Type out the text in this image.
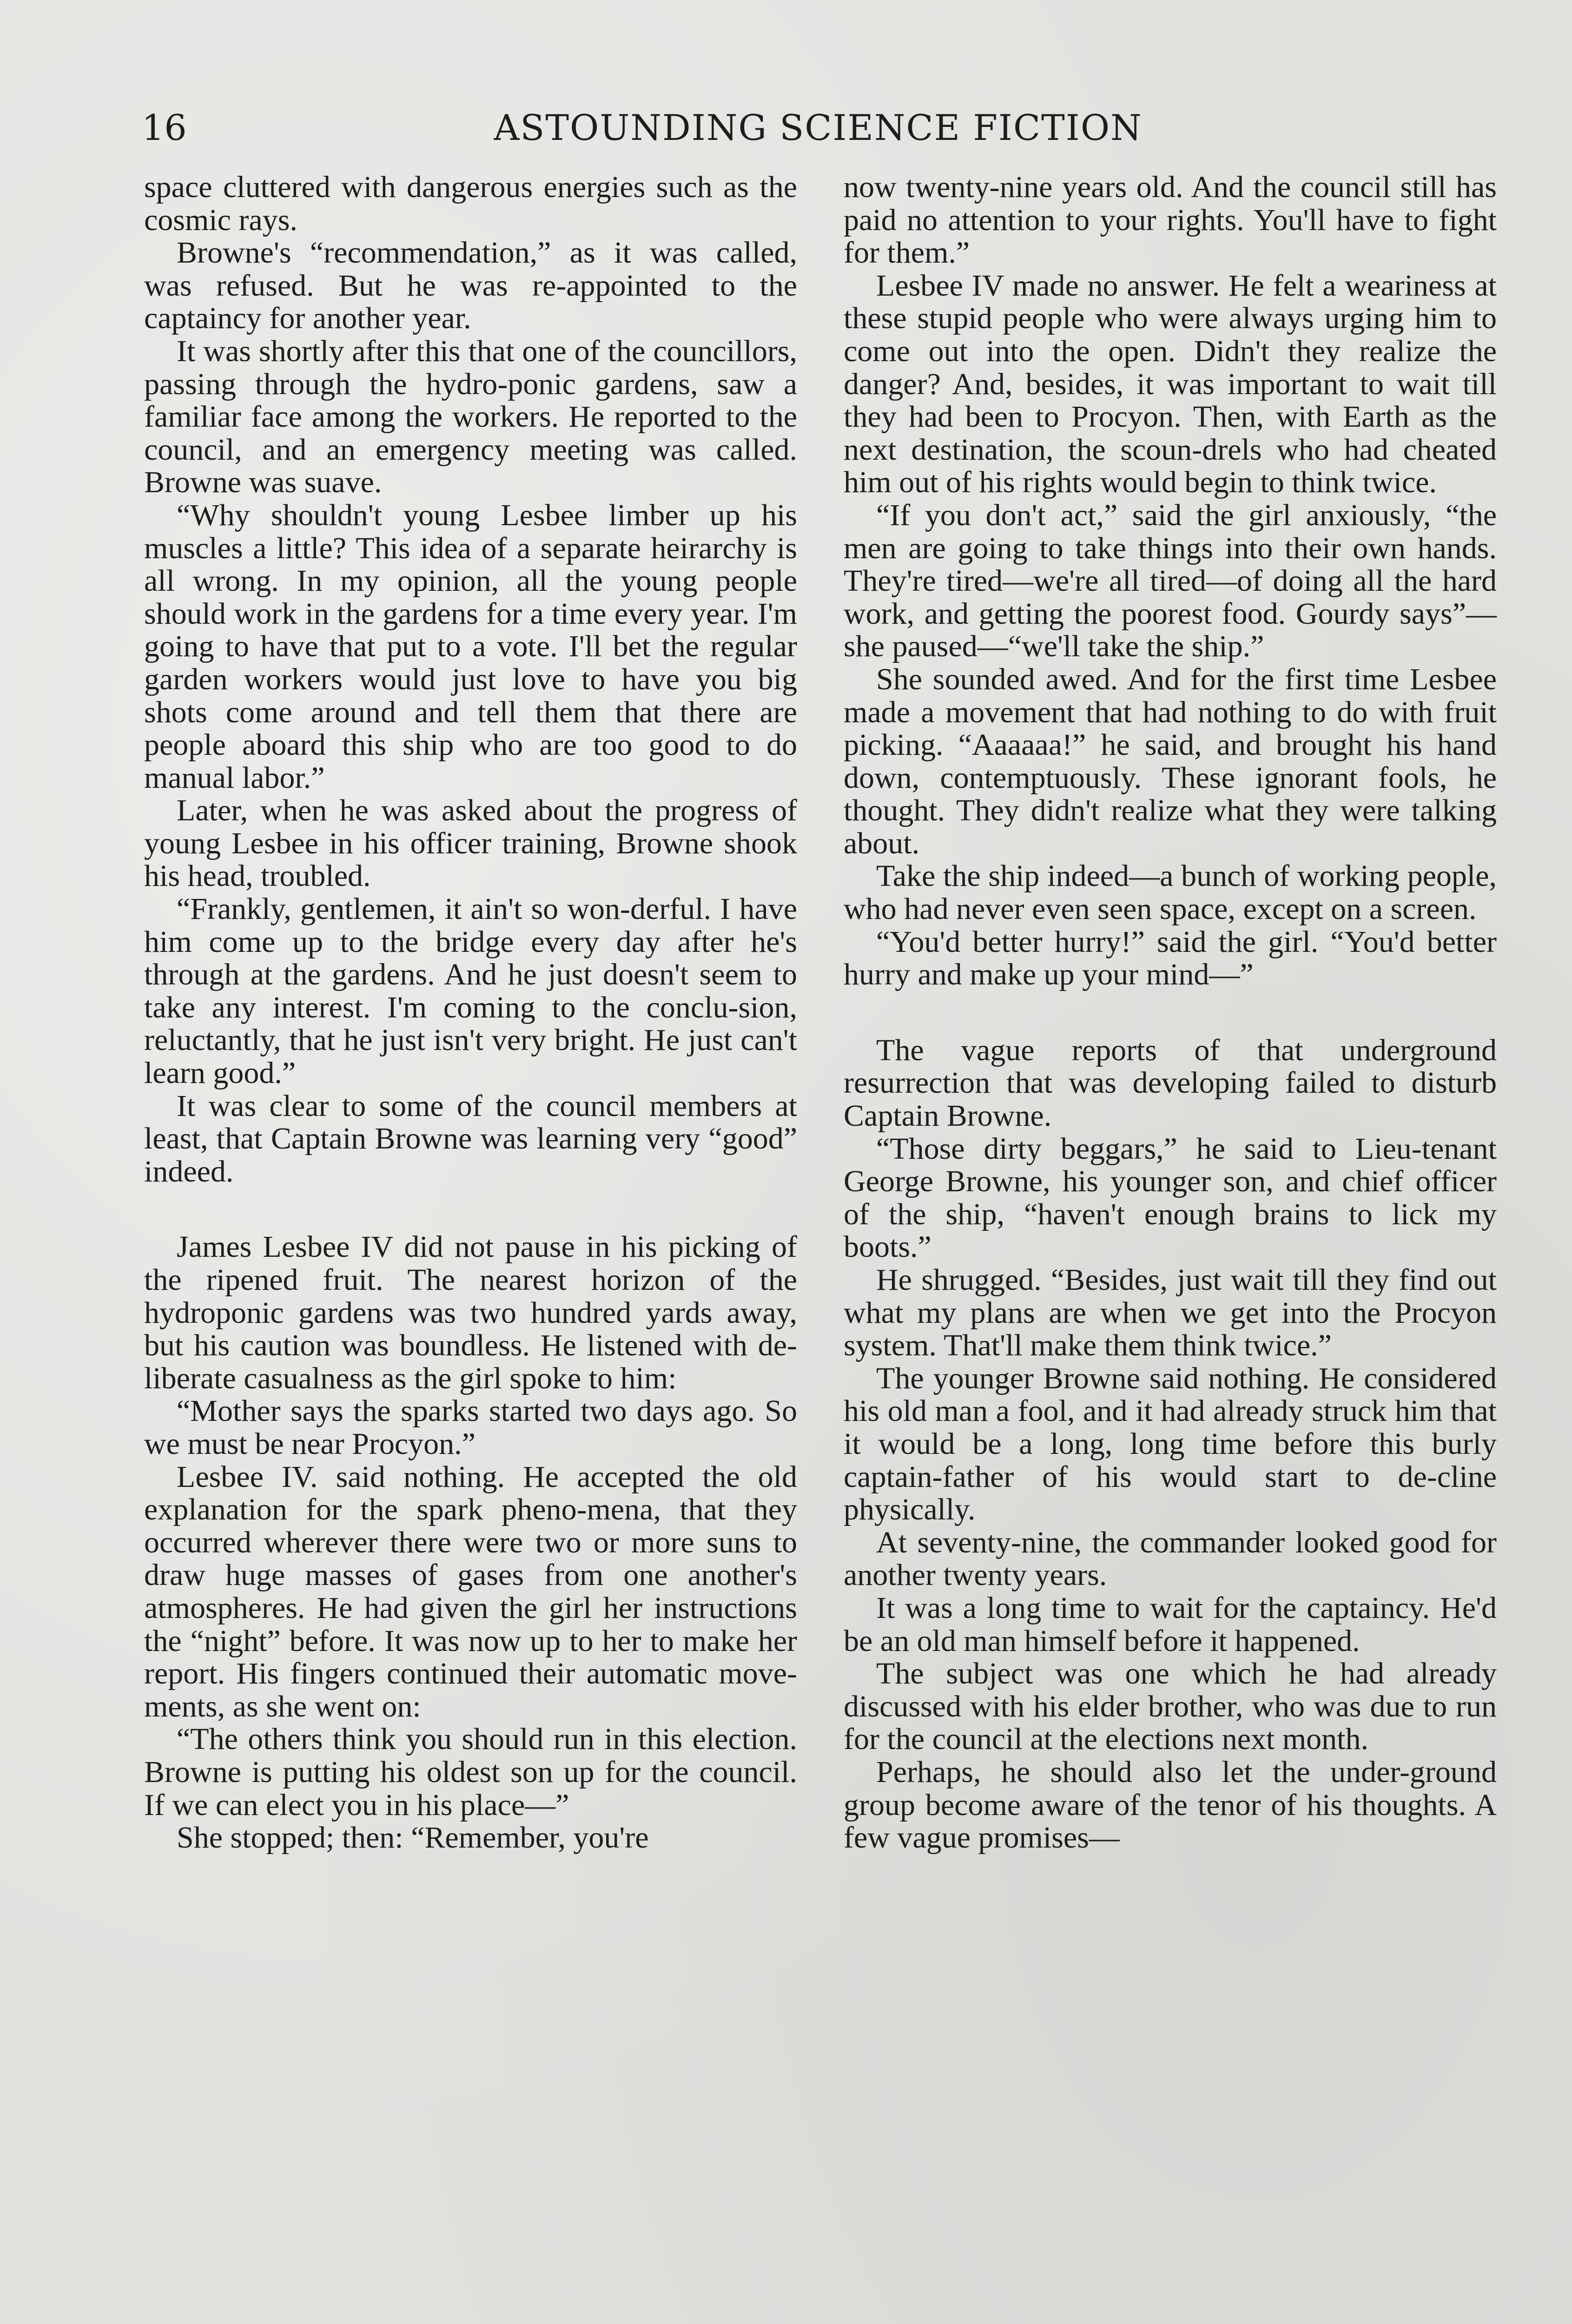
16	ASTOUNDING SCIENCE FICTION

space cluttered with dangerous energies such as the cosmic rays.

Browne's “recommendation,” as it was called, was refused. But he was re-appointed to the captaincy for another year.

It was shortly after this that one of the councillors, passing through the hydro-ponic gardens, saw a familiar face among the workers. He reported to the council, and an emergency meeting was called. Browne was suave.

“Why shouldn't young Lesbee limber up his muscles a little? This idea of a separate heirarchy is all wrong. In my opinion, all the young people should work in the gardens for a time every year. I'm going to have that put to a vote. I'll bet the regular garden workers would just love to have you big shots come around and tell them that there are people aboard this ship who are too good to do manual labor.”

Later, when he was asked about the progress of young Lesbee in his officer training, Browne shook his head, troubled.

“Frankly, gentlemen, it ain't so won-derful. I have him come up to the bridge every day after he's through at the gardens. And he just doesn't seem to take any interest. I'm coming to the conclu-sion, reluctantly, that he just isn't very bright. He just can't learn good.”

It was clear to some of the council members at least, that Captain Browne was learning very “good” indeed.

James Lesbee IV did not pause in his picking of the ripened fruit. The nearest horizon of the hydroponic gardens was two hundred yards away, but his caution was boundless. He listened with de-liberate casualness as the girl spoke to him:

“Mother says the sparks started two days ago. So we must be near Procyon.”

Lesbee IV. said nothing. He accepted the old explanation for the spark pheno-mena, that they occurred wherever there were two or more suns to draw huge masses of gases from one another's atmospheres. He had given the girl her instructions the “night” before. It was now up to her to make her report. His fingers continued their automatic move-ments, as she went on:

“The others think you should run in this election. Browne is putting his oldest son up for the council. If we can elect you in his place—”

She stopped; then: “Remember, you're

now twenty-nine years old. And the council still has paid no attention to your rights. You'll have to fight for them.”

Lesbee IV made no answer. He felt a weariness at these stupid people who were always urging him to come out into the open. Didn't they realize the danger? And, besides, it was important to wait till they had been to Procyon. Then, with Earth as the next destination, the scoun-drels who had cheated him out of his rights would begin to think twice.

“If you don't act,” said the girl anxiously, “the men are going to take things into their own hands. They're tired—we're all tired—of doing all the hard work, and getting the poorest food. Gourdy says”—she paused—“we'll take the ship.”

She sounded awed. And for the first time Lesbee made a movement that had nothing to do with fruit picking. “Aaaaaa!” he said, and brought his hand down, contemptuously. These ignorant fools, he thought. They didn't realize what they were talking about.

Take the ship indeed—a bunch of working people, who had never even seen space, except on a screen.

“You'd better hurry!” said the girl. “You'd better hurry and make up your mind—”

The vague reports of that underground resurrection that was developing failed to disturb Captain Browne.

“Those dirty beggars,” he said to Lieu-tenant George Browne, his younger son, and chief officer of the ship, “haven't enough brains to lick my boots.”

He shrugged. “Besides, just wait till they find out what my plans are when we get into the Procyon system. That'll make them think twice.”

The younger Browne said nothing. He considered his old man a fool, and it had already struck him that it would be a long, long time before this burly captain-father of his would start to de-cline physically.

At seventy-nine, the commander looked good for another twenty years.

It was a long time to wait for the captaincy. He'd be an old man himself before it happened.

The subject was one which he had already discussed with his elder brother, who was due to run for the council at the elections next month.

Perhaps, he should also let the under-ground group become aware of the tenor of his thoughts. A few vague promises—
